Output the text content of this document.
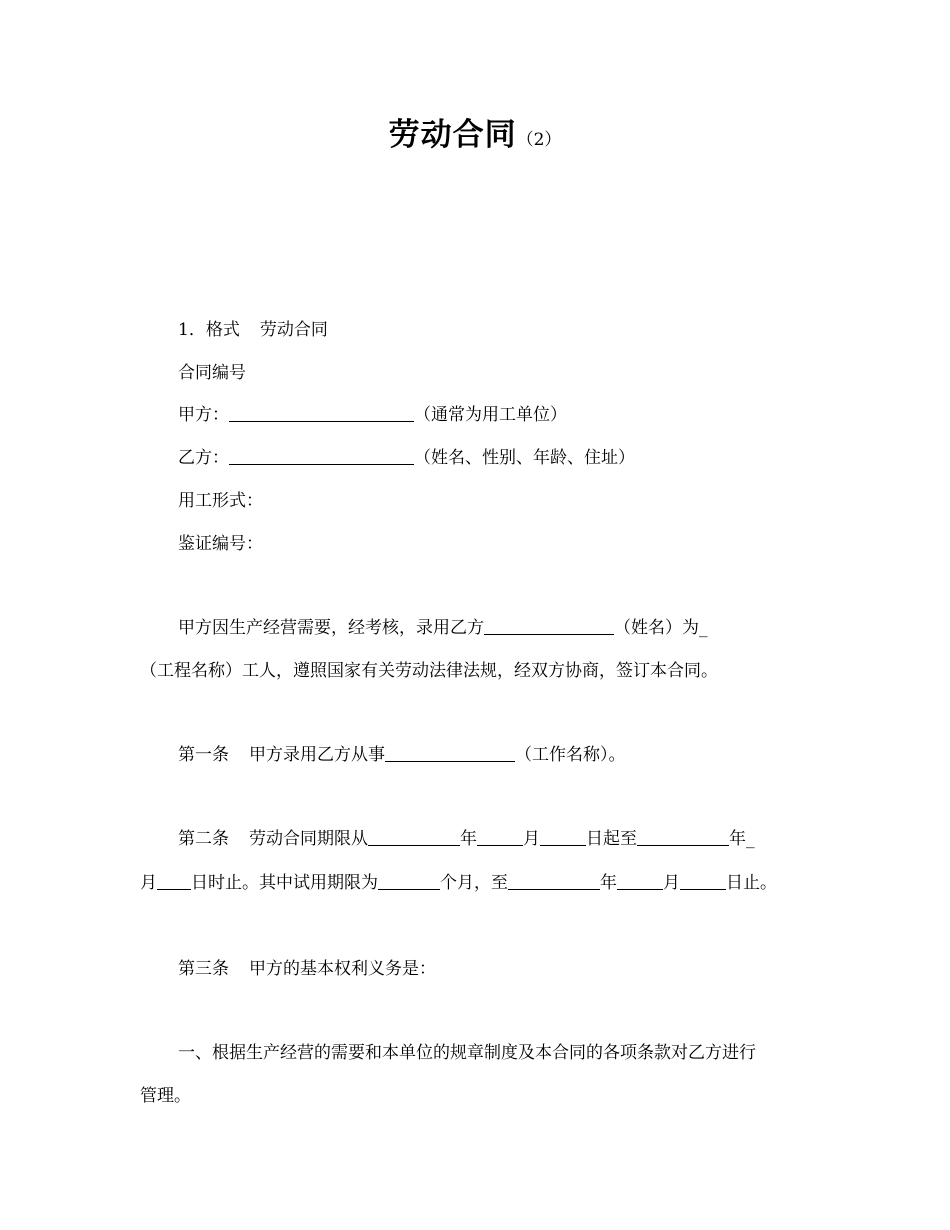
劳动合同（2）
1．格式 劳动合同
合同编号
甲方：	（通常为用工单位）
乙方：	（姓名、性别、年龄、住址）
用工形式：
鉴证编号：
甲方因生产经营需要，经考核，录用乙方	（姓名）为_
（工程名称）工人，遵照国家有关劳动法律法规，经双方协商，签订本合同。
第一条 甲方录用乙方从事	（工作名称）。
第二条 劳动合同期限从	年	月	日起至	年_
月 日时止。其中试用期限为	个月，至	年	月	日止。
第三条 甲方的基本权利义务是：
一、根据生产经营的需要和本单位的规章制度及本合同的各项条款对乙方进行
管理。
